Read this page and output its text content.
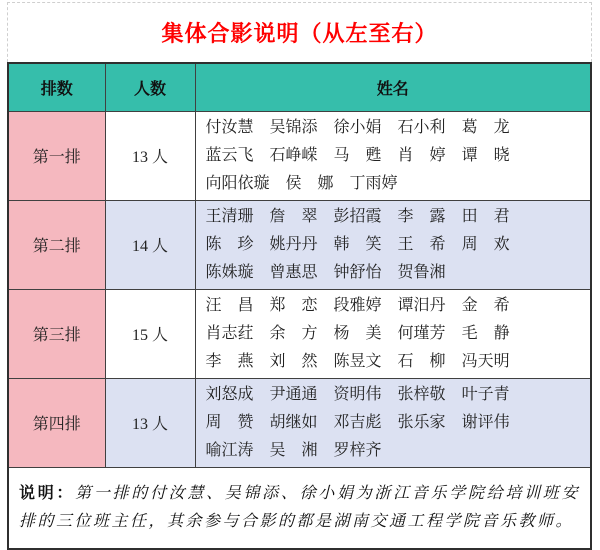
集体合影说明（从左至右）
排数	人数	姓名
第一排	13 人	
付汝慧 吴锦添 徐小娟 石小利 葛　龙
蓝云飞 石峥嵘 马　甦 肖　婷 谭　晓
向阳依璇 侯　娜 丁雨婷

第二排	14 人	
王清珊 詹　翠 彭招霞 李　露 田　君
陈　珍 姚丹丹 韩　笑 王　希 周　欢
陈姝璇 曾惠思 钟舒怡 贺鲁湘

第三排	15 人	
汪　昌 郑　恋 段雅婷 谭汨丹 金　希
肖志荭 余　方 杨　美 何瑾芳 毛　静
李　燕 刘　然 陈昱文 石　柳 冯天明

第四排	13 人	
刘怒成 尹通通 资明伟 张梓敬 叶子青
周　赞 胡继如 邓吉彪 张乐家 谢评伟
喻江涛 吴　湘 罗梓齐

说明：第一排的付汝慧、吴锦添、徐小娟为浙江音乐学院给培训班安排的三位班主任，其余参与合影的都是湖南交通工程学院音乐教师。		
